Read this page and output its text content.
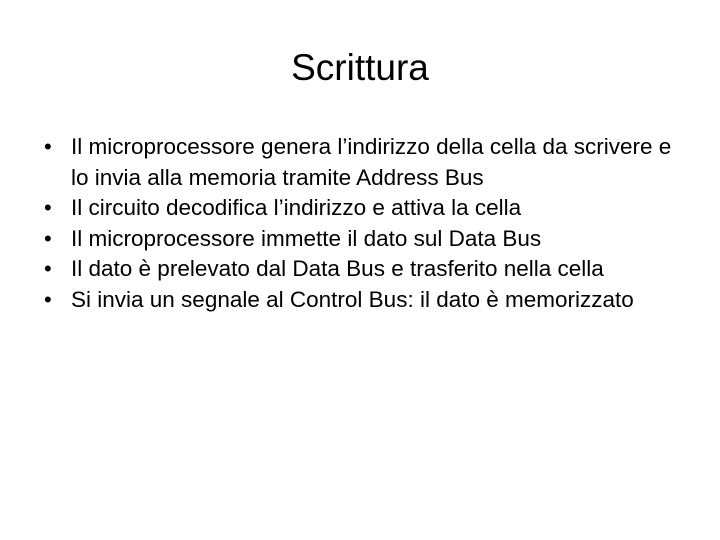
Scrittura
• Il microprocessore genera l’indirizzo della cella da scrivere e lo invia alla memoria tramite Address Bus
• Il circuito decodifica l’indirizzo e attiva la cella
• Il microprocessore immette il dato sul Data Bus
• Il dato è prelevato dal Data Bus e trasferito nella cella
• Si invia un segnale al Control Bus: il dato è memorizzato
